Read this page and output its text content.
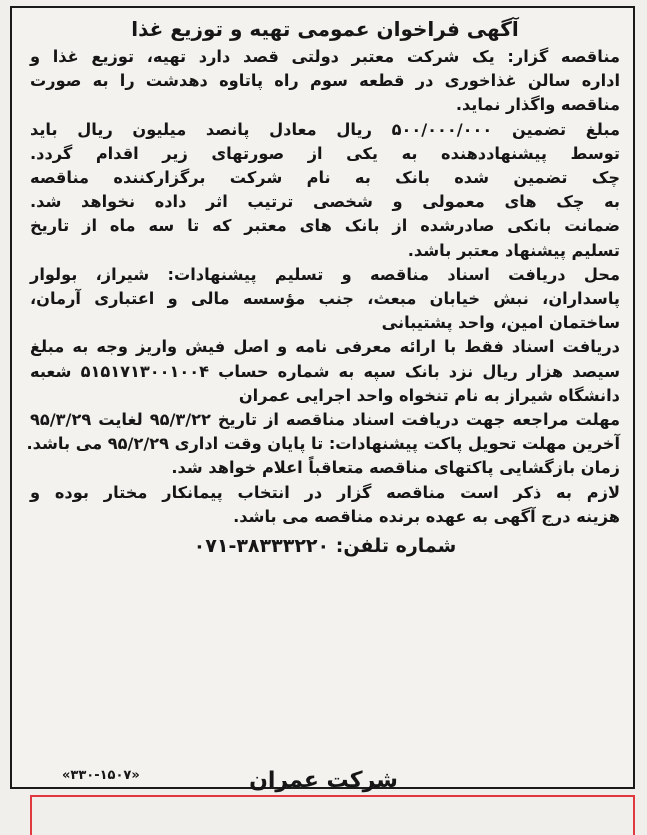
آگهی فراخوان عمومی تهیه و توزیع غذا
مناقصه گزار: یک شرکت معتبر دولتی قصد دارد تهیه، توزیع غذا و
اداره سالن غذاخوری در قطعه سوم راه پاتاوه دهدشت را به صورت
مناقصه واگذار نماید.
مبلغ تضمین ۵۰۰/۰۰۰/۰۰۰ ریال معادل پانصد میلیون ریال باید
توسط پیشنهاددهنده به یکی از صورتهای زیر اقدام گردد.
چک تضمین شده بانک به نام شرکت برگزارکننده مناقصه
به چک های معمولی و شخصی ترتیب اثر داده نخواهد شد.
ضمانت بانکی صادرشده از بانک های معتبر که تا سه ماه از تاریخ
تسلیم پیشنهاد معتبر باشد.
محل دریافت اسناد مناقصه و تسلیم پیشنهادات: شیراز، بولوار
پاسداران، نبش خیابان مبعث، جنب مؤسسه مالی و اعتباری آرمان،
ساختمان امین، واحد پشتیبانی
دریافت اسناد فقط با ارائه معرفی نامه و اصل فیش واریز وجه به مبلغ
سیصد هزار ریال نزد بانک سپه به شماره حساب ۵۱۵۱۷۱۳۰۰۱۰۰۴ شعبه
دانشگاه شیراز به نام تنخواه واحد اجرایی عمران
مهلت مراجعه جهت دریافت اسناد مناقصه از تاریخ ۹۵/۳/۲۲ لغایت ۹۵/۳/۲۹
آخرین مهلت تحویل پاکت پیشنهادات: تا پایان وقت اداری ۹۵/۲/۲۹ می باشد.
زمان بازگشایی پاکتهای مناقصه متعاقباً اعلام خواهد شد.
لازم به ذکر است مناقصه گزار در انتخاب پیمانکار مختار بوده و
هزینه درج آگهی به عهده برنده مناقصه می باشد.
شماره تلفن: ۰۷۱-۳۸۳۳۳۲۲۰
«۳۳۰-۱۵۰۷»	شرکت عمران
